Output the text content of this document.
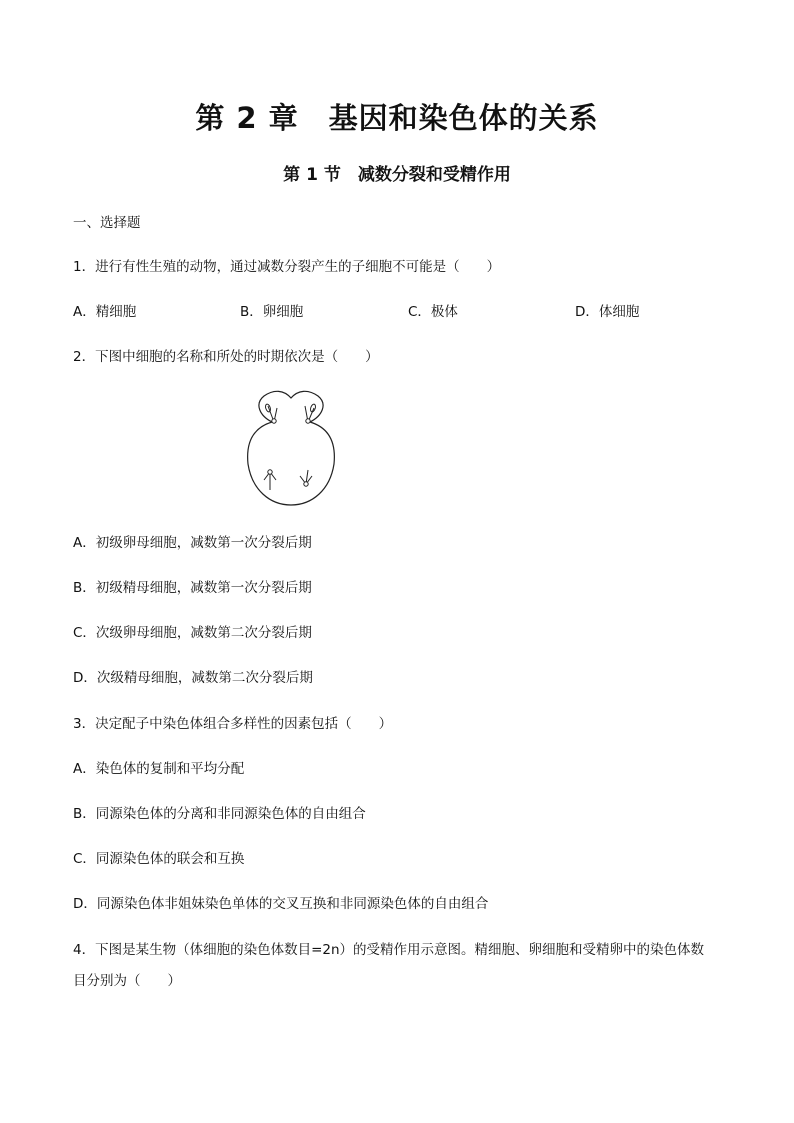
第 2 章　基因和染色体的关系
第 1 节　减数分裂和受精作用
一、选择题
1．进行有性生殖的动物，通过减数分裂产生的子细胞不可能是（　　）
A．精细胞	B．卵细胞	C．极体	D．体细胞
2．下图中细胞的名称和所处的时期依次是（　　）
A．初级卵母细胞，减数第一次分裂后期
B．初级精母细胞，减数第一次分裂后期
C．次级卵母细胞，减数第二次分裂后期
D．次级精母细胞，减数第二次分裂后期
3．决定配子中染色体组合多样性的因素包括（　　）
A．染色体的复制和平均分配
B．同源染色体的分离和非同源染色体的自由组合
C．同源染色体的联会和互换
D．同源染色体非姐妹染色单体的交叉互换和非同源染色体的自由组合
4．下图是某生物（体细胞的染色体数目=2n）的受精作用示意图。精细胞、卵细胞和受精卵中的染色体数
目分别为（　　）
